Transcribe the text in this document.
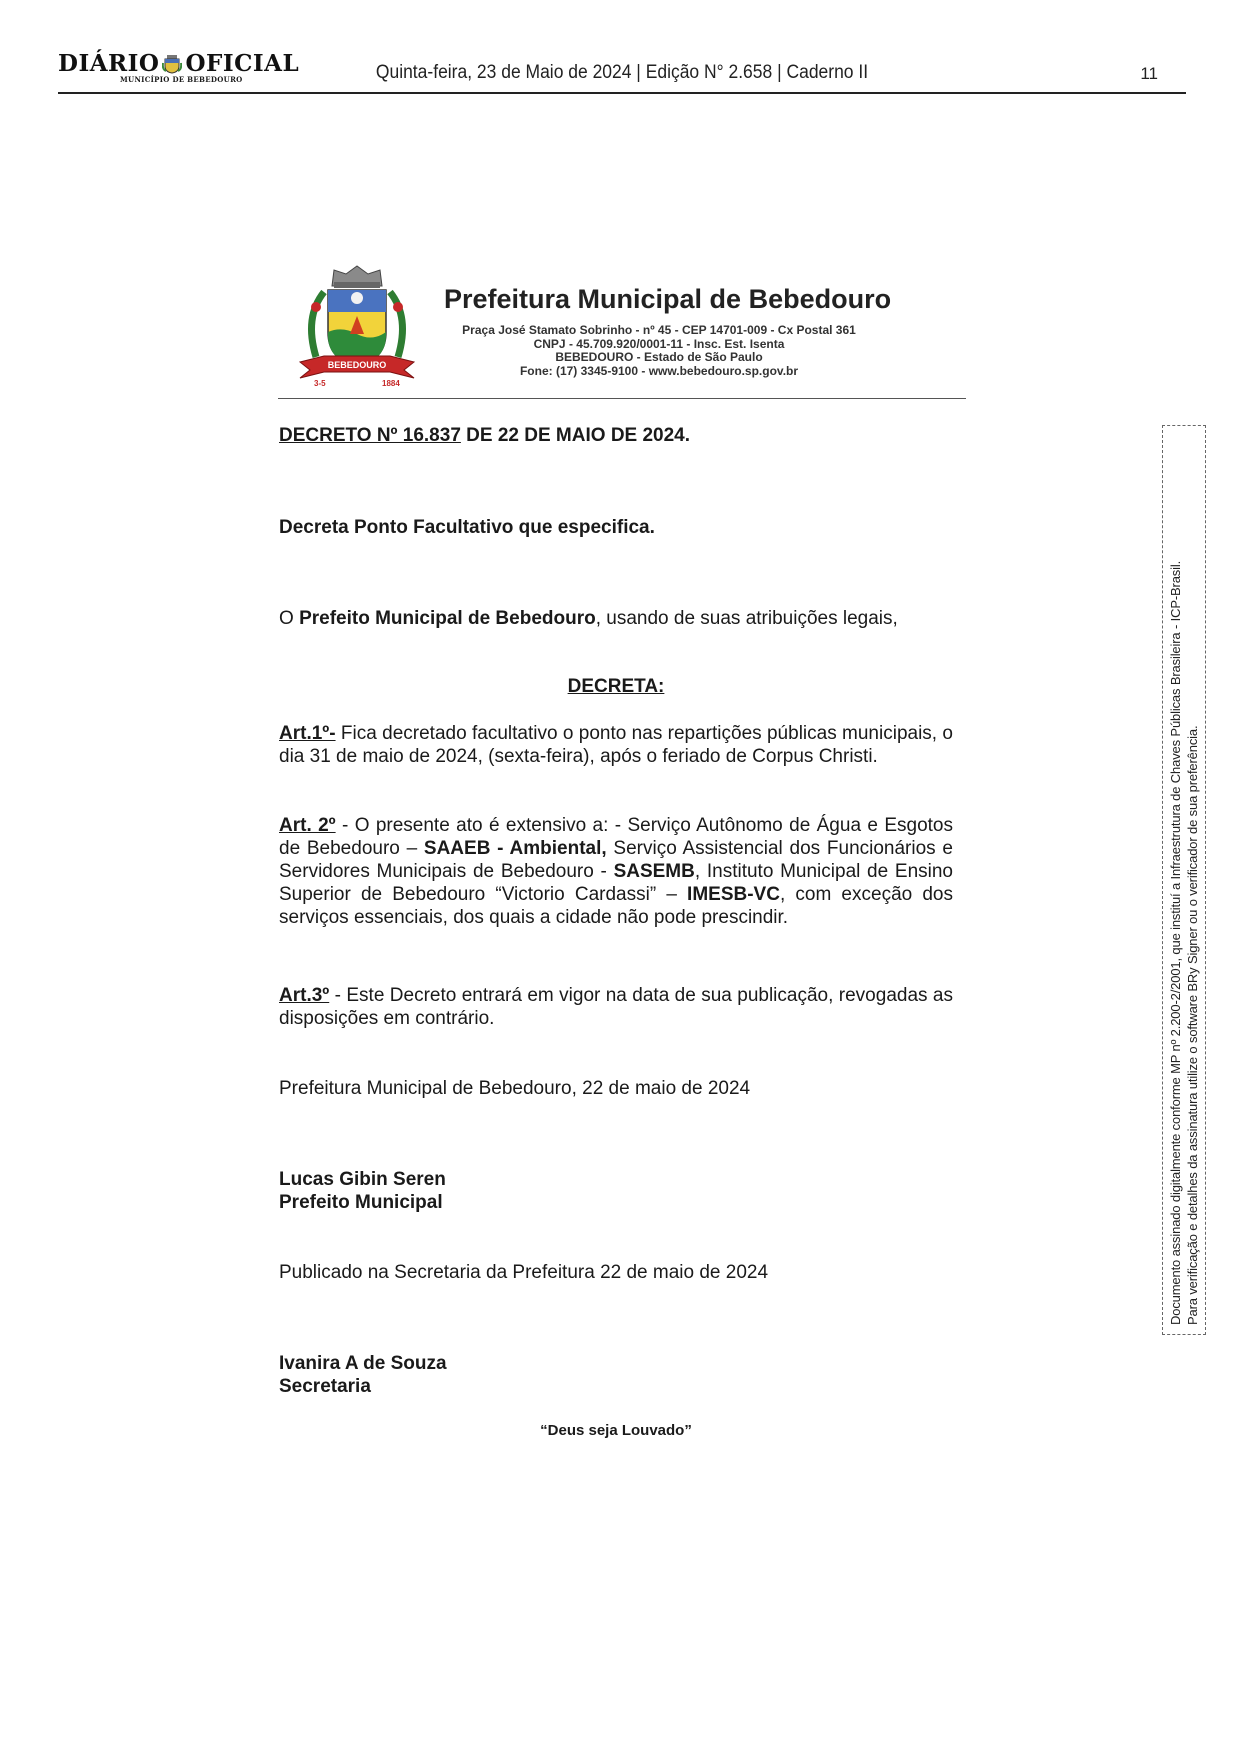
DIÁRIO OFICIAL
MUNICÍPIO DE BEBEDOURO	Quinta-feira, 23 de Maio de 2024 | Edição N° 2.658 | Caderno II	11
BEBEDOURO
3-5	1884
Prefeitura Municipal de Bebedouro
Praça José Stamato Sobrinho - nº 45 - CEP 14701-009 - Cx Postal 361
CNPJ - 45.709.920/0001-11 - Insc. Est. Isenta
BEBEDOURO - Estado de São Paulo
Fone: (17) 3345-9100 - www.bebedouro.sp.gov.br
DECRETO Nº 16.837 DE 22 DE MAIO DE 2024.
Decreta Ponto Facultativo que especifica.
O Prefeito Municipal de Bebedouro, usando de suas atribuições legais,
DECRETA:
Art.1º- Fica decretado facultativo o ponto nas repartições públicas municipais, o dia 31 de maio de 2024, (sexta-feira), após o feriado de Corpus Christi.
Art. 2º - O presente ato é extensivo a: - Serviço Autônomo de Água e Esgotos de Bebedouro – SAAEB - Ambiental, Serviço Assistencial dos Funcionários e Servidores Municipais de Bebedouro - SASEMB, Instituto Municipal de Ensino Superior de Bebedouro “Victorio Cardassi” – IMESB-VC, com exceção dos serviços essenciais, dos quais a cidade não pode prescindir.
Art.3º - Este Decreto entrará em vigor na data de sua publicação, revogadas as disposições em contrário.
Prefeitura Municipal de Bebedouro, 22 de maio de 2024
Lucas Gibin Seren
Prefeito Municipal
Publicado na Secretaria da Prefeitura 22 de maio de 2024
Ivanira A de Souza
Secretaria
“Deus seja Louvado”
Documento assinado digitalmente conforme MP nº 2.200-2/2001, que instituí a Infraestrutura de Chaves Públicas Brasileira - ICP-Brasil. Para verificação e detalhes da assinatura utilize o software BRy Signer ou o verificador de sua preferência.
